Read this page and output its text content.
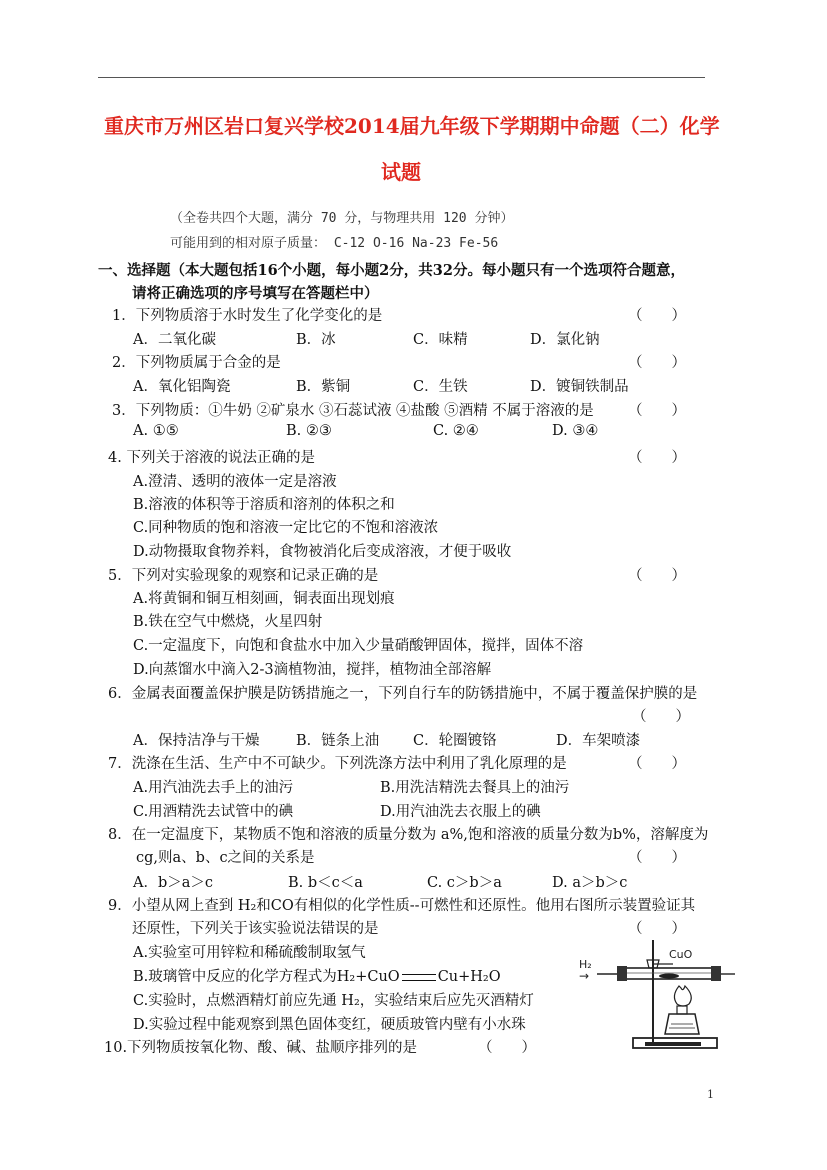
重庆市万州区岩口复兴学校2014届九年级下学期期中命题（二）化学
试题
（全卷共四个大题，满分 70 分，与物理共用 120 分钟）
可能用到的相对原子质量： C-12 O-16 Na-23 Fe-56
一、选择题（本大题包括16个小题，每小题2分，共32分。每小题只有一个选项符合题意，
请将正确选项的序号填写在答题栏中）
1．下列物质溶于水时发生了化学变化的是	（　　）
A．二氧化碳	B．冰	C．味精	D．氯化钠
2．下列物质属于合金的是	（　　）
A．氧化铝陶瓷	B．紫铜	C．生铁	D．镀铜铁制品
3．下列物质：①牛奶 ②矿泉水 ③石蕊试液 ④盐酸 ⑤酒精 不属于溶液的是 （　　）
A. ①⑤	B. ②③	C. ②④	D. ③④
4. 下列关于溶液的说法正确的是	（　　）
A.澄清、透明的液体一定是溶液
B.溶液的体积等于溶质和溶剂的体积之和
C.同种物质的饱和溶液一定比它的不饱和溶液浓
D.动物摄取食物养料，食物被消化后变成溶液，才便于吸收
5．下列对实验现象的观察和记录正确的是	（　　）
A.将黄铜和铜互相刻画，铜表面出现划痕
B.铁在空气中燃烧，火星四射
C.一定温度下，向饱和食盐水中加入少量硝酸钾固体，搅拌，固体不溶
D.向蒸馏水中滴入2-3滴植物油，搅拌，植物油全部溶解
6．金属表面覆盖保护膜是防锈措施之一，下列自行车的防锈措施中，不属于覆盖保护膜的是
（　　）
A．保持洁净与干燥	B．链条上油 C．轮圈镀铬	D．车架喷漆
7．洗涤在生活、生产中不可缺少。下列洗涤方法中利用了乳化原理的是	（　　）
A.用汽油洗去手上的油污	B.用洗洁精洗去餐具上的油污
C.用酒精洗去试管中的碘	D.用汽油洗去衣服上的碘
8．在一定温度下，某物质不饱和溶液的质量分数为 a%,饱和溶液的质量分数为b%，溶解度为
cg,则a、b、c之间的关系是	（　　）
A．b＞a＞c	B. b＜c＜a	C. c＞b＞a	D. a＞b＞c
9．小望从网上查到 H₂和CO有相似的化学性质--可燃性和还原性。他用右图所示装置验证其
还原性，下列关于该实验说法错误的是	（　　）
A.实验室可用锌粒和稀硫酸制取氢气
B.玻璃管中反应的化学方程式为H₂+CuO	Cu+H₂O
C.实验时，点燃酒精灯前应先通 H₂，实验结束后应先灭酒精灯
D.实验过程中能观察到黑色固体变红，硬质玻管内壁有小水珠
10.下列物质按氧化物、酸、碱、盐顺序排列的是	（　　）
CuO
H₂
→
1
